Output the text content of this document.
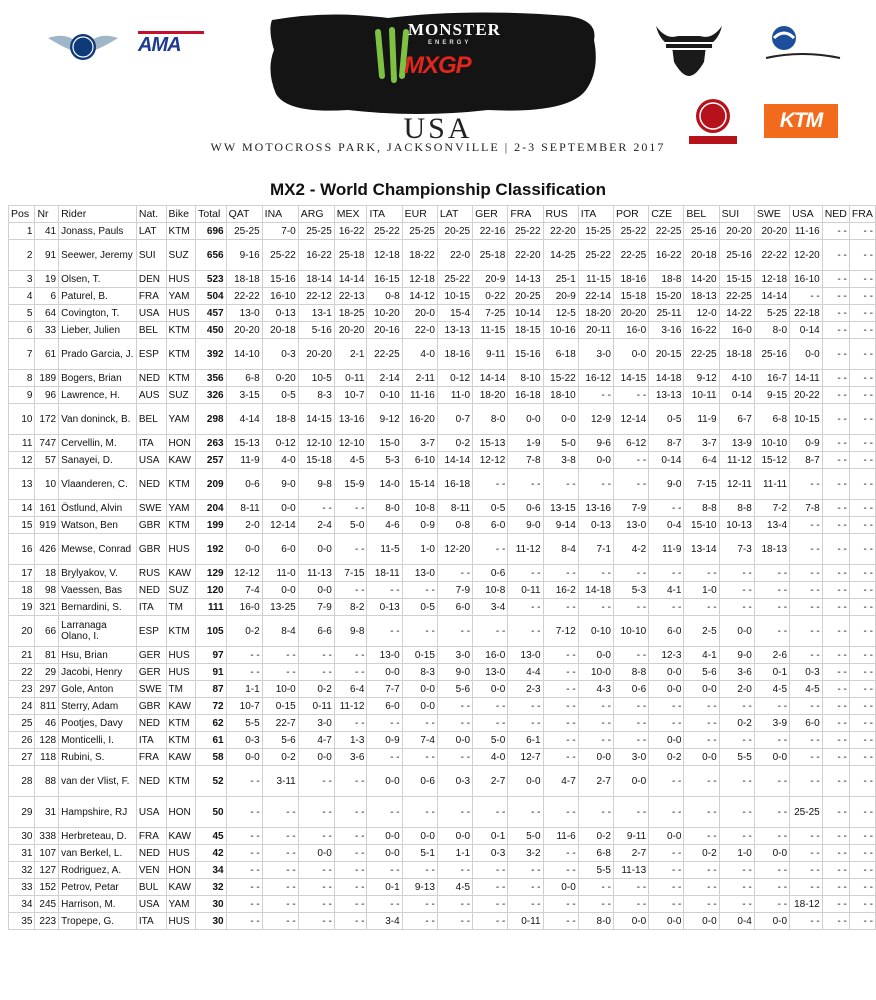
AMA
MONSTER
ENERGY
MXGP
KTM
USA
WW MOTOCROSS PARK, JACKSONVILLE | 2-3 SEPTEMBER 2017
MX2 - World Championship Classification
Pos	Nr	Rider	Nat.	Bike	Total	QAT	INA	ARG	MEX	ITA	EUR	LAT	GER	FRA	RUS	ITA	POR	CZE	BEL	SUI	SWE	USA	NED	FRA
1	41	Jonass, Pauls	LAT	KTM	696	25-25	7-0	25-25	16-22	25-22	25-25	20-25	22-16	25-22	22-20	15-25	25-22	22-25	25-16	20-20	20-20	11-16	- -	- -
2	91	Seewer, Jeremy	SUI	SUZ	656	9-16	25-22	16-22	25-18	12-18	18-22	22-0	25-18	22-20	14-25	25-22	22-25	16-22	20-18	25-16	22-22	12-20	- -	- -
3	19	Olsen, T.	DEN	HUS	523	18-18	15-16	18-14	14-14	16-15	12-18	25-22	20-9	14-13	25-1	11-15	18-16	18-8	14-20	15-15	12-18	16-10	- -	- -
4	6	Paturel, B.	FRA	YAM	504	22-22	16-10	22-12	22-13	0-8	14-12	10-15	0-22	20-25	20-9	22-14	15-18	15-20	18-13	22-25	14-14	- -	- -	- -
5	64	Covington, T.	USA	HUS	457	13-0	0-13	13-1	18-25	10-20	20-0	15-4	7-25	10-14	12-5	18-20	20-20	25-11	12-0	14-22	5-25	22-18	- -	- -
6	33	Lieber, Julien	BEL	KTM	450	20-20	20-18	5-16	20-20	20-16	22-0	13-13	11-15	18-15	10-16	20-11	16-0	3-16	16-22	16-0	8-0	0-14	- -	- -
7	61	Prado Garcia, J.	ESP	KTM	392	14-10	0-3	20-20	2-1	22-25	4-0	18-16	9-11	15-16	6-18	3-0	0-0	20-15	22-25	18-18	25-16	0-0	- -	- -
8	189	Bogers, Brian	NED	KTM	356	6-8	0-20	10-5	0-11	2-14	2-11	0-12	14-14	8-10	15-22	16-12	14-15	14-18	9-12	4-10	16-7	14-11	- -	- -
9	96	Lawrence, H.	AUS	SUZ	326	3-15	0-5	8-3	10-7	0-10	11-16	11-0	18-20	16-18	18-10	- -	- -	13-13	10-11	0-14	9-15	20-22	- -	- -
10	172	Van doninck, B.	BEL	YAM	298	4-14	18-8	14-15	13-16	9-12	16-20	0-7	8-0	0-0	0-0	12-9	12-14	0-5	11-9	6-7	6-8	10-15	- -	- -
11	747	Cervellin, M.	ITA	HON	263	15-13	0-12	12-10	12-10	15-0	3-7	0-2	15-13	1-9	5-0	9-6	6-12	8-7	3-7	13-9	10-10	0-9	- -	- -
12	57	Sanayei, D.	USA	KAW	257	11-9	4-0	15-18	4-5	5-3	6-10	14-14	12-12	7-8	3-8	0-0	- -	0-14	6-4	11-12	15-12	8-7	- -	- -
13	10	Vlaanderen, C.	NED	KTM	209	0-6	9-0	9-8	15-9	14-0	15-14	16-18	- -	- -	- -	- -	- -	9-0	7-15	12-11	11-11	- -	- -	- -
14	161	Östlund, Alvin	SWE	YAM	204	8-11	0-0	- -	- -	8-0	10-8	8-11	0-5	0-6	13-15	13-16	7-9	- -	8-8	8-8	7-2	7-8	- -	- -
15	919	Watson, Ben	GBR	KTM	199	2-0	12-14	2-4	5-0	4-6	0-9	0-8	6-0	9-0	9-14	0-13	13-0	0-4	15-10	10-13	13-4	- -	- -	- -
16	426	Mewse, Conrad	GBR	HUS	192	0-0	6-0	0-0	- -	11-5	1-0	12-20	- -	11-12	8-4	7-1	4-2	11-9	13-14	7-3	18-13	- -	- -	- -
17	18	Brylyakov, V.	RUS	KAW	129	12-12	11-0	11-13	7-15	18-11	13-0	- -	0-6	- -	- -	- -	- -	- -	- -	- -	- -	- -	- -	- -
18	98	Vaessen, Bas	NED	SUZ	120	7-4	0-0	0-0	- -	- -	- -	7-9	10-8	0-11	16-2	14-18	5-3	4-1	1-0	- -	- -	- -	- -	- -
19	321	Bernardini, S.	ITA	TM	111	16-0	13-25	7-9	8-2	0-13	0-5	6-0	3-4	- -	- -	- -	- -	- -	- -	- -	- -	- -	- -	- -
20	66	Larranaga Olano, I.	ESP	KTM	105	0-2	8-4	6-6	9-8	- -	- -	- -	- -	- -	7-12	0-10	10-10	6-0	2-5	0-0	- -	- -	- -	- -
21	81	Hsu, Brian	GER	HUS	97	- -	- -	- -	- -	13-0	0-15	3-0	16-0	13-0	- -	0-0	- -	12-3	4-1	9-0	2-6	- -	- -	- -
22	29	Jacobi, Henry	GER	HUS	91	- -	- -	- -	- -	0-0	8-3	9-0	13-0	4-4	- -	10-0	8-8	0-0	5-6	3-6	0-1	0-3	- -	- -
23	297	Gole, Anton	SWE	TM	87	1-1	10-0	0-2	6-4	7-7	0-0	5-6	0-0	2-3	- -	4-3	0-6	0-0	0-0	2-0	4-5	4-5	- -	- -
24	811	Sterry, Adam	GBR	KAW	72	10-7	0-15	0-11	11-12	6-0	0-0	- -	- -	- -	- -	- -	- -	- -	- -	- -	- -	- -	- -	- -
25	46	Pootjes, Davy	NED	KTM	62	5-5	22-7	3-0	- -	- -	- -	- -	- -	- -	- -	- -	- -	- -	- -	0-2	3-9	6-0	- -	- -
26	128	Monticelli, I.	ITA	KTM	61	0-3	5-6	4-7	1-3	0-9	7-4	0-0	5-0	6-1	- -	- -	- -	0-0	- -	- -	- -	- -	- -	- -
27	118	Rubini, S.	FRA	KAW	58	0-0	0-2	0-0	3-6	- -	- -	- -	4-0	12-7	- -	0-0	3-0	0-2	0-0	5-5	0-0	- -	- -	- -
28	88	van der Vlist, F.	NED	KTM	52	- -	3-11	- -	- -	0-0	0-6	0-3	2-7	0-0	4-7	2-7	0-0	- -	- -	- -	- -	- -	- -	- -
29	31	Hampshire, RJ	USA	HON	50	- -	- -	- -	- -	- -	- -	- -	- -	- -	- -	- -	- -	- -	- -	- -	- -	25-25	- -	- -
30	338	Herbreteau, D.	FRA	KAW	45	- -	- -	- -	- -	0-0	0-0	0-0	0-1	5-0	11-6	0-2	9-11	0-0	- -	- -	- -	- -	- -	- -
31	107	van Berkel, L.	NED	HUS	42	- -	- -	0-0	- -	0-0	5-1	1-1	0-3	3-2	- -	6-8	2-7	- -	0-2	1-0	0-0	- -	- -	- -
32	127	Rodriguez, A.	VEN	HON	34	- -	- -	- -	- -	- -	- -	- -	- -	- -	- -	5-5	11-13	- -	- -	- -	- -	- -	- -	- -
33	152	Petrov, Petar	BUL	KAW	32	- -	- -	- -	- -	0-1	9-13	4-5	- -	- -	0-0	- -	- -	- -	- -	- -	- -	- -	- -	- -
34	245	Harrison, M.	USA	YAM	30	- -	- -	- -	- -	- -	- -	- -	- -	- -	- -	- -	- -	- -	- -	- -	- -	18-12	- -	- -
35	223	Tropepe, G.	ITA	HUS	30	- -	- -	- -	- -	3-4	- -	- -	- -	0-11	- -	8-0	0-0	0-0	0-0	0-4	0-0	- -	- -	- -
